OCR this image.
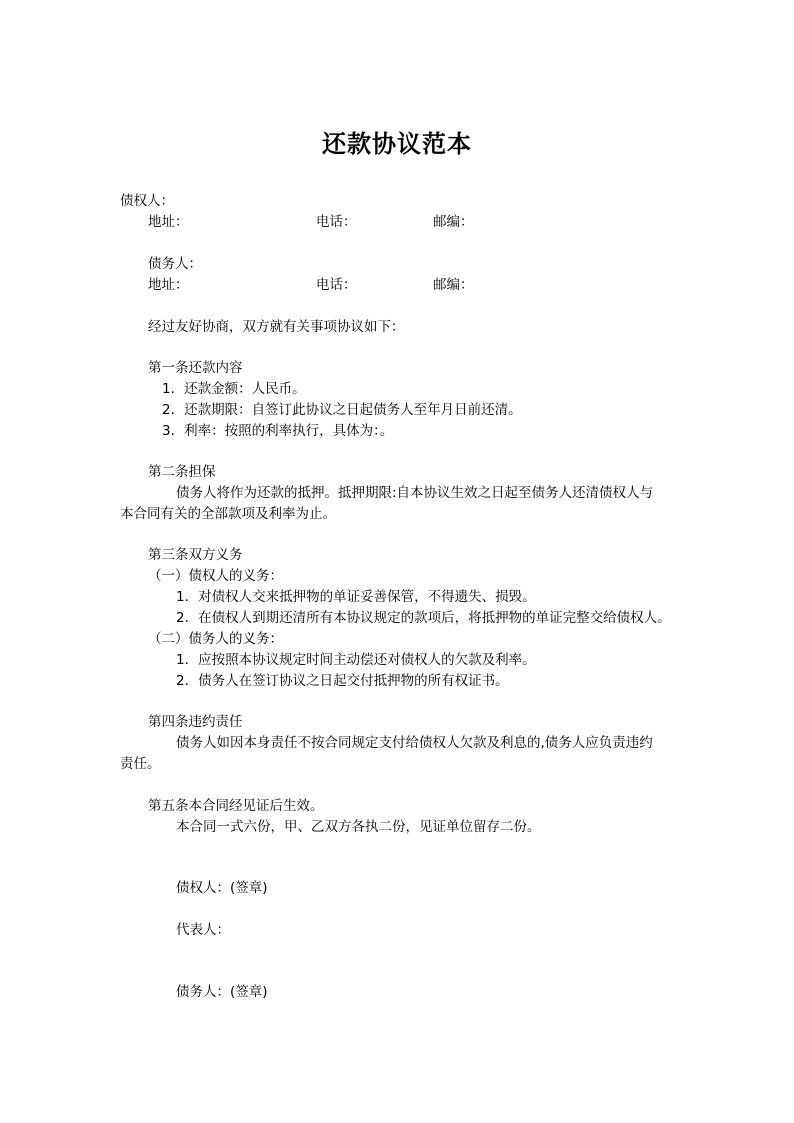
还款协议范本
债权人：
地址：	电话：	邮编：
债务人：
地址：	电话：	邮编：
经过友好协商，双方就有关事项协议如下：
第一条还款内容
1．还款金额：人民币。
2．还款期限：自签订此协议之日起债务人至年月日前还清。
3．利率：按照的利率执行，具体为：。
第二条担保
债务人将作为还款的抵押。抵押期限:自本协议生效之日起至债务人还清债权人与
本合同有关的全部款项及利率为止。
第三条双方义务
（一）债权人的义务：
1．对债权人交来抵押物的单证妥善保管，不得遗失、损毁。
2．在债权人到期还清所有本协议规定的款项后，将抵押物的单证完整交给债权人。
（二）债务人的义务：
1．应按照本协议规定时间主动偿还对债权人的欠款及利率。
2．债务人在签订协议之日起交付抵押物的所有权证书。
第四条违约责任
债务人如因本身责任不按合同规定支付给债权人欠款及利息的,债务人应负责违约
责任。
第五条本合同经见证后生效。
本合同一式六份，甲、乙双方各执二份，见证单位留存二份。
债权人：(签章)
代表人：
债务人：(签章)
